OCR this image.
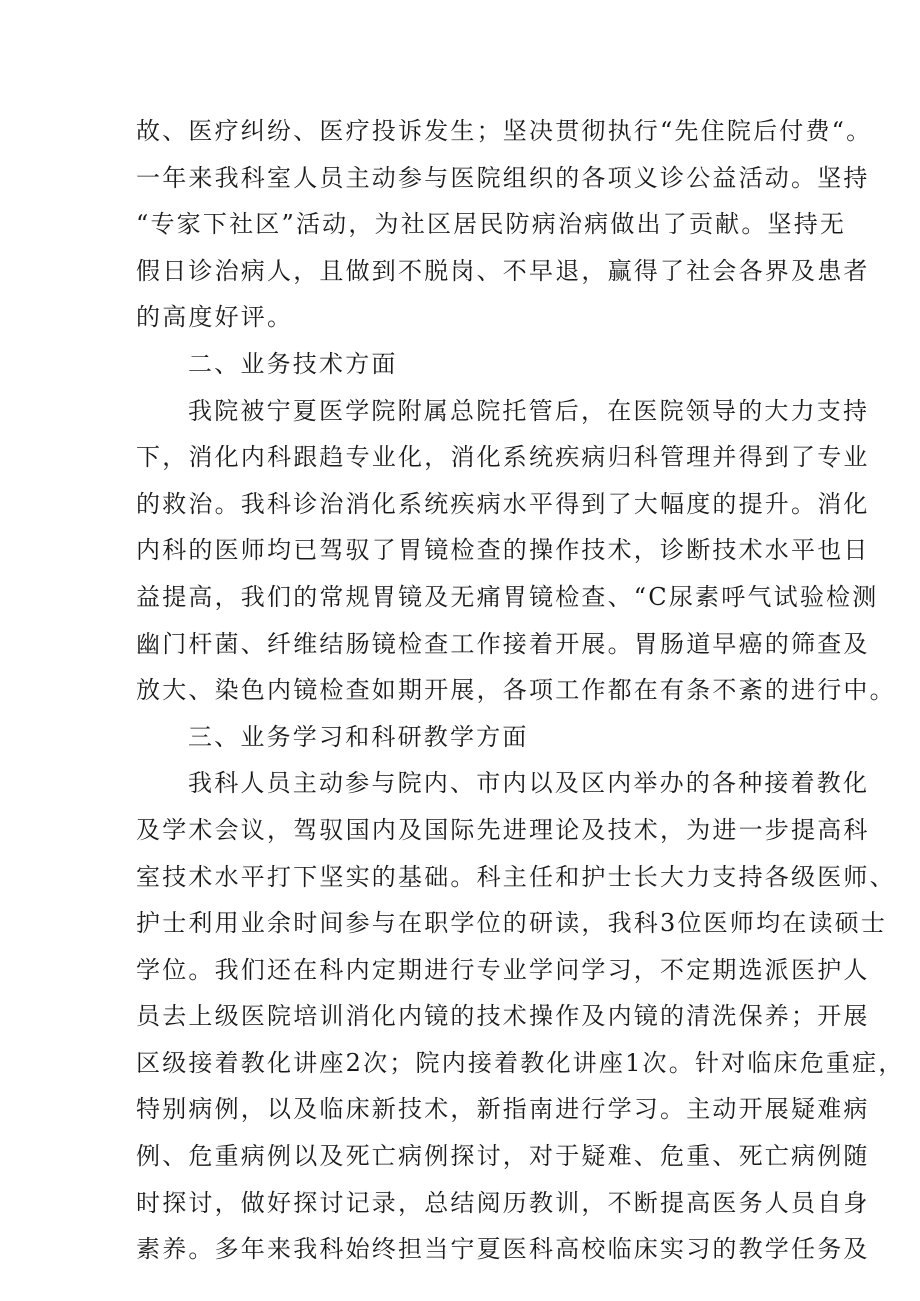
故、医疗纠纷、医疗投诉发生；坚决贯彻执行“先住院后付费“。
一年来我科室人员主动参与医院组织的各项义诊公益活动。坚持
“专家下社区”活动，为社区居民防病治病做出了贡献。坚持无
假日诊治病人，且做到不脱岗、不早退，赢得了社会各界及患者
的高度好评。
二、业务技术方面
我院被宁夏医学院附属总院托管后，在医院领导的大力支持
下，消化内科跟趋专业化，消化系统疾病归科管理并得到了专业
的救治。我科诊治消化系统疾病水平得到了大幅度的提升。消化
内科的医师均已驾驭了胃镜检查的操作技术，诊断技术水平也日
益提高，我们的常规胃镜及无痛胃镜检查、“C尿素呼气试验检测
幽门杆菌、纤维结肠镜检查工作接着开展。胃肠道早癌的筛查及
放大、染色内镜检查如期开展，各项工作都在有条不紊的进行中。
三、业务学习和科研教学方面
我科人员主动参与院内、市内以及区内举办的各种接着教化
及学术会议，驾驭国内及国际先进理论及技术，为进一步提高科
室技术水平打下坚实的基础。科主任和护士长大力支持各级医师、
护士利用业余时间参与在职学位的研读，我科3位医师均在读硕士
学位。我们还在科内定期进行专业学问学习，不定期选派医护人
员去上级医院培训消化内镜的技术操作及内镜的清洗保养；开展
区级接着教化讲座2次；院内接着教化讲座1次。针对临床危重症，
特别病例，以及临床新技术，新指南进行学习。主动开展疑难病
例、危重病例以及死亡病例探讨，对于疑难、危重、死亡病例随
时探讨，做好探讨记录，总结阅历教训，不断提高医务人员自身
素养。多年来我科始终担当宁夏医科高校临床实习的教学任务及
